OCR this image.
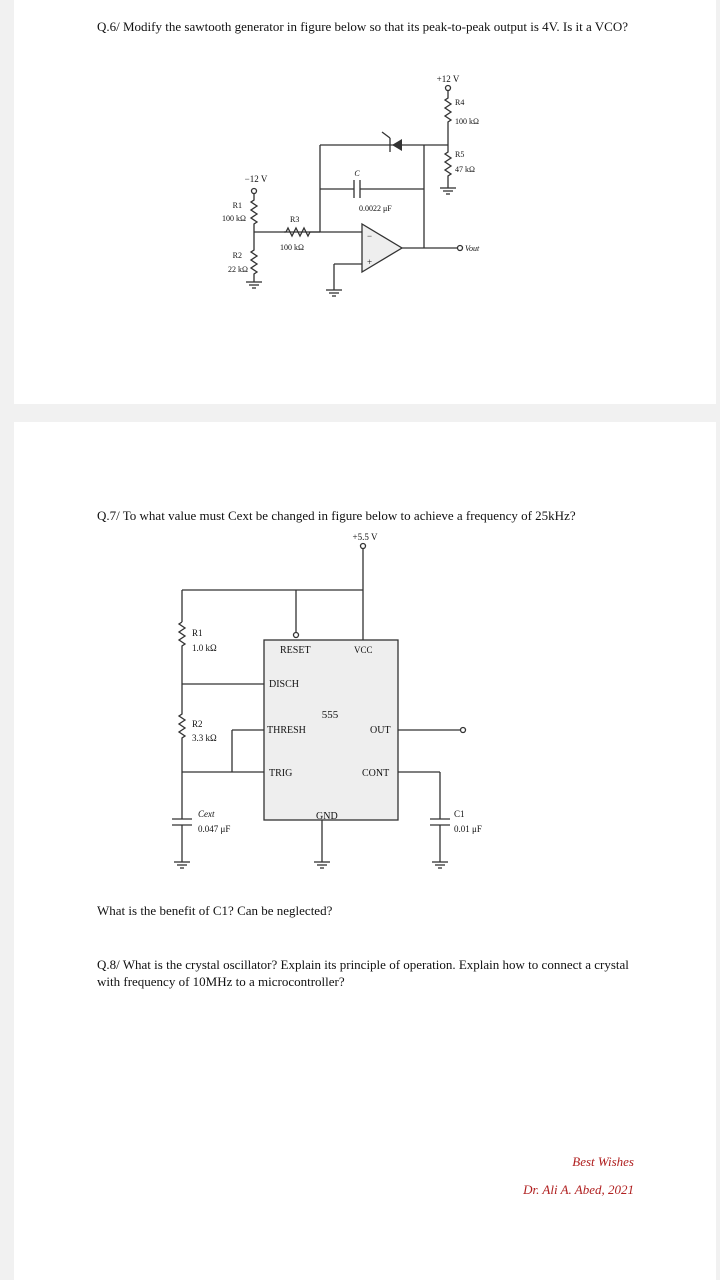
Q.6/ Modify the sawtooth generator in figure below so that its peak-to-peak output is 4V. Is it a VCO?

+12 V
R4
100 kΩ
R5
47 kΩ
C
0.0022 μF
−
+
Vout
R3
100 kΩ
−12 V
R1
100 kΩ
R2
22 kΩ

Q.7/ To what value must Cext be changed in figure below to achieve a frequency of 25kHz?

+5.5 V
555
RESET	VCC
DISCH
THRESH	OUT
TRIG	CONT
GND
R1
1.0 kΩ
R2
3.3 kΩ
Cext
0.047 μF
C1
0.01 μF

What is the benefit of C1? Can be neglected?

Q.8/ What is the crystal oscillator? Explain its principle of operation. Explain how to connect a crystal with frequency of 10MHz to a microcontroller?

Best Wishes

Dr. Ali A. Abed, 2021
